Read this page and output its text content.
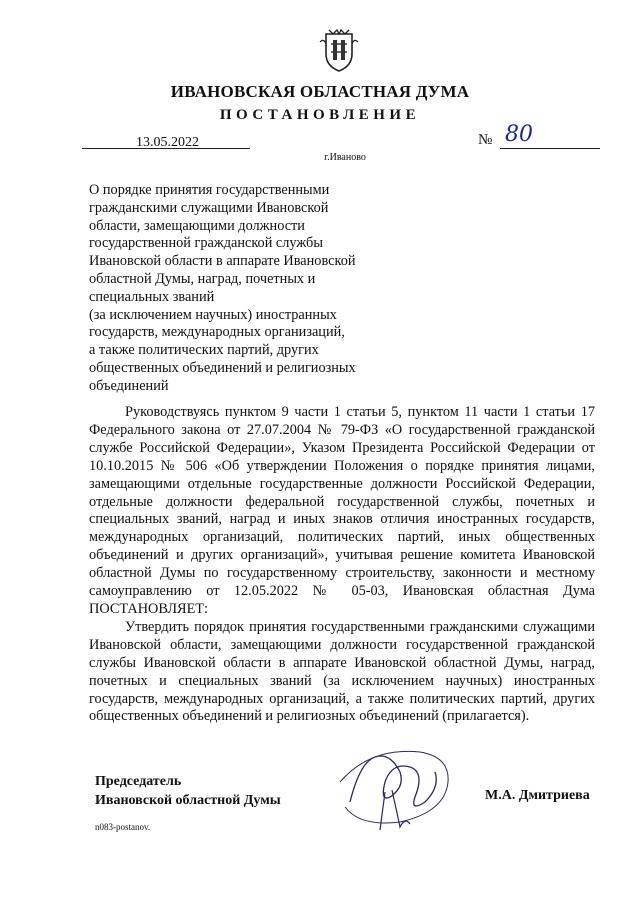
ИВАНОВСКАЯ ОБЛАСТНАЯ ДУМА
ПОСТАНОВЛЕНИЕ
13.05.2022	№ 80
г.Иваново
О порядке принятия государственными
гражданскими служащими Ивановской
области, замещающими должности
государственной гражданской службы
Ивановской области в аппарате Ивановской
областной Думы, наград, почетных и
специальных званий
(за исключением научных) иностранных
государств, международных организаций,
а также политических партий, других
общественных объединений и религиозных
объединений

Руководствуясь пунктом 9 части 1 статьи 5, пунктом 11 части 1 статьи 17 Федерального закона от 27.07.2004 № 79-ФЗ «О государственной гражданской службе Российской Федерации», Указом Президента Российской Федерации от 10.10.2015 № 506 «Об утверждении Положения о порядке принятия лицами, замещающими отдельные государственные должности Российской Федерации, отдельные должности федеральной государственной службы, почетных и специальных званий, наград и иных знаков отличия иностранных государств, международных организаций, политических партий, иных общественных объединений и других организаций», учитывая решение комитета Ивановской областной Думы по государственному строительству, законности и местному самоуправлению от 12.05.2022 № 05-03, Ивановская областная Дума ПОСТАНОВЛЯЕТ:

Утвердить порядок принятия государственными гражданскими служащими Ивановской области, замещающими должности государственной гражданской службы Ивановской области в аппарате Ивановской областной Думы, наград, почетных и специальных званий (за исключением научных) иностранных государств, международных организаций, а также политических партий, других общественных объединений и религиозных объединений (прилагается).

Председатель
Ивановской областной Думы	М.А. Дмитриева
n083-postanov.
